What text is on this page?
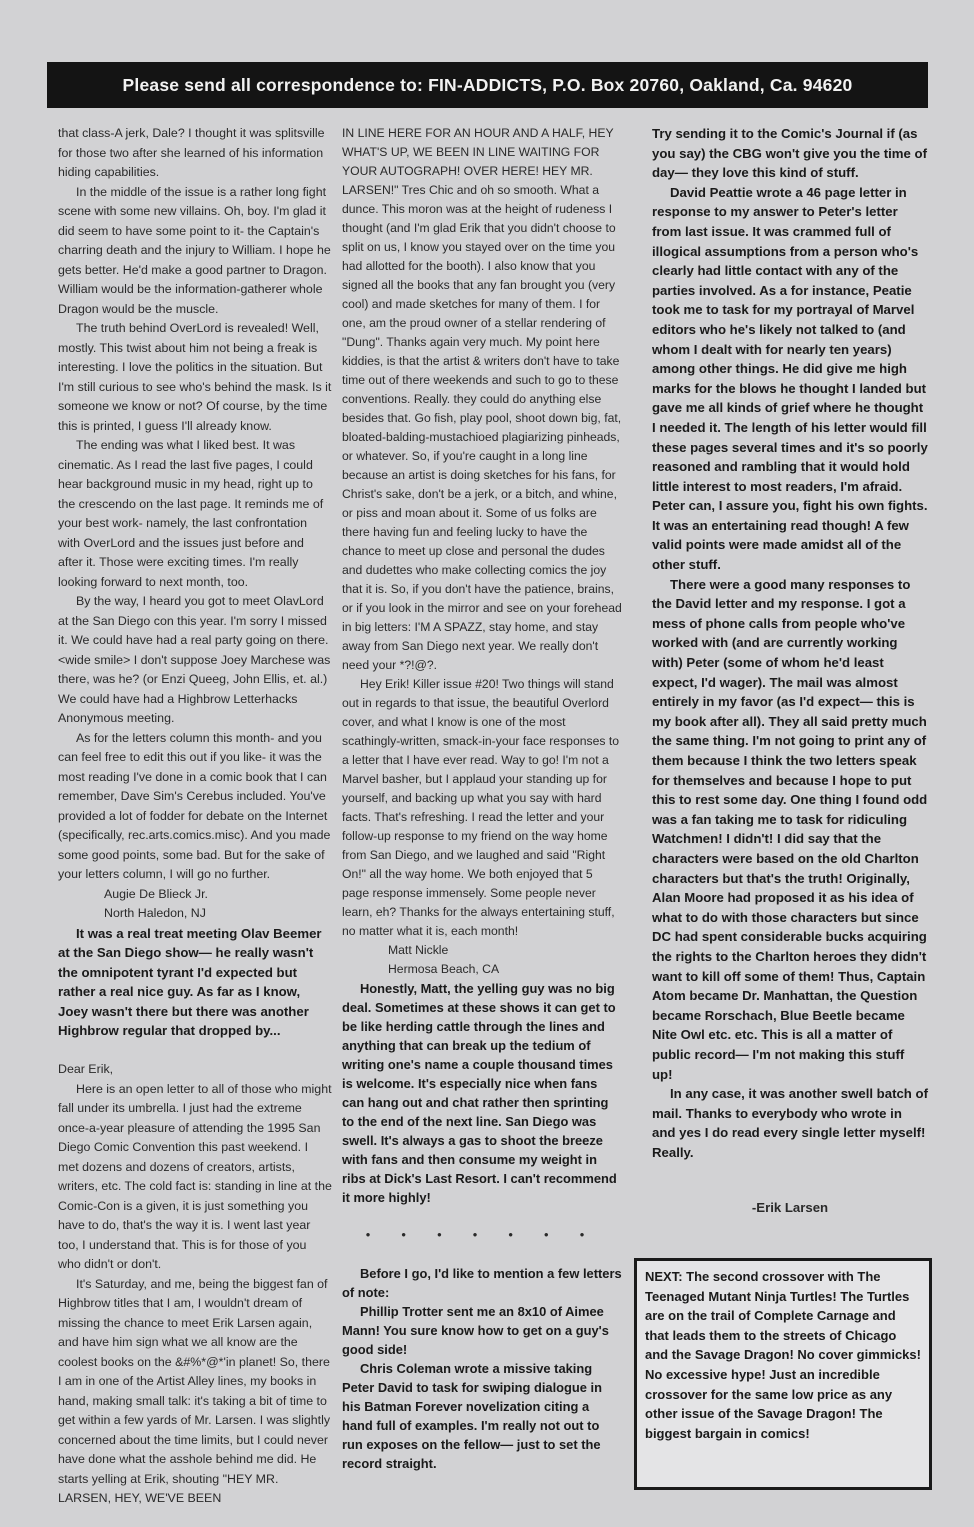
Please send all correspondence to: FIN-ADDICTS, P.O. Box 20760, Oakland, Ca. 94620

that class-A jerk, Dale? I thought it was splitsville for those two after she learned of his information hiding capabilities.

In the middle of the issue is a rather long fight scene with some new villains. Oh, boy. I'm glad it did seem to have some point to it- the Captain's charring death and the injury to William. I hope he gets better. He'd make a good partner to Dragon. William would be the information-gatherer whole Dragon would be the muscle.

The truth behind OverLord is revealed! Well, mostly. This twist about him not being a freak is interesting. I love the politics in the situation. But I'm still curious to see who's behind the mask. Is it someone we know or not? Of course, by the time this is printed, I guess I'll already know.

The ending was what I liked best. It was cinematic. As I read the last five pages, I could hear background music in my head, right up to the crescendo on the last page. It reminds me of your best work- namely, the last confrontation with OverLord and the issues just before and after it. Those were exciting times. I'm really looking forward to next month, too.

By the way, I heard you got to meet OlavLord at the San Diego con this year. I'm sorry I missed it. We could have had a real party going on there. <wide smile> I don't suppose Joey Marchese was there, was he? (or Enzi Queeg, John Ellis, et. al.) We could have had a Highbrow Letterhacks Anonymous meeting.

As for the letters column this month- and you can feel free to edit this out if you like- it was the most reading I've done in a comic book that I can remember, Dave Sim's Cerebus included. You've provided a lot of fodder for debate on the Internet (specifically, rec.arts.comics.misc). And you made some good points, some bad. But for the sake of your letters column, I will go no further.

Augie De Blieck Jr.

North Haledon, NJ

It was a real treat meeting Olav Beemer at the San Diego show— he really wasn't the omnipotent tyrant I'd expected but rather a real nice guy. As far as I know, Joey wasn't there but there was another Highbrow regular that dropped by...

Dear Erik,

Here is an open letter to all of those who might fall under its umbrella. I just had the extreme once-a-year pleasure of attending the 1995 San Diego Comic Convention this past weekend. I met dozens and dozens of creators, artists, writers, etc. The cold fact is: standing in line at the Comic-Con is a given, it is just something you have to do, that's the way it is. I went last year too, I understand that. This is for those of you who didn't or don't.

It's Saturday, and me, being the biggest fan of Highbrow titles that I am, I wouldn't dream of missing the chance to meet Erik Larsen again, and have him sign what we all know are the coolest books on the &#%*@*'in planet! So, there I am in one of the Artist Alley lines, my books in hand, making small talk: it's taking a bit of time to get within a few yards of Mr. Larsen. I was slightly concerned about the time limits, but I could never have done what the asshole behind me did. He starts yelling at Erik, shouting "HEY MR. LARSEN, HEY, WE'VE BEEN

IN LINE HERE FOR AN HOUR AND A HALF, HEY WHAT'S UP, WE BEEN IN LINE WAITING FOR YOUR AUTOGRAPH! OVER HERE! HEY MR. LARSEN!" Tres Chic and oh so smooth. What a dunce. This moron was at the height of rudeness I thought (and I'm glad Erik that you didn't choose to split on us, I know you stayed over on the time you had allotted for the booth). I also know that you signed all the books that any fan brought you (very cool) and made sketches for many of them. I for one, am the proud owner of a stellar rendering of "Dung". Thanks again very much. My point here kiddies, is that the artist & writers don't have to take time out of there weekends and such to go to these conventions. Really. they could do anything else besides that. Go fish, play pool, shoot down big, fat, bloated-balding-mustachioed plagiarizing pinheads, or whatever. So, if you're caught in a long line because an artist is doing sketches for his fans, for Christ's sake, don't be a jerk, or a bitch, and whine, or piss and moan about it. Some of us folks are there having fun and feeling lucky to have the chance to meet up close and personal the dudes and dudettes who make collecting comics the joy that it is. So, if you don't have the patience, brains, or if you look in the mirror and see on your forehead in big letters: I'M A SPAZZ, stay home, and stay away from San Diego next year. We really don't need your *?!@?.

Hey Erik! Killer issue #20! Two things will stand out in regards to that issue, the beautiful Overlord cover, and what I know is one of the most scathingly-written, smack-in-your face responses to a letter that I have ever read. Way to go! I'm not a Marvel basher, but I applaud your standing up for yourself, and backing up what you say with hard facts. That's refreshing. I read the letter and your follow-up response to my friend on the way home from San Diego, and we laughed and said "Right On!" all the way home. We both enjoyed that 5 page response immensely. Some people never learn, eh? Thanks for the always entertaining stuff, no matter what it is, each month!

Matt Nickle

Hermosa Beach, CA

Honestly, Matt, the yelling guy was no big deal. Sometimes at these shows it can get to be like herding cattle through the lines and anything that can break up the tedium of writing one's name a couple thousand times is welcome. It's especially nice when fans can hang out and chat rather then sprinting to the end of the next line. San Diego was swell. It's always a gas to shoot the breeze with fans and then consume my weight in ribs at Dick's Last Resort. I can't recommend it more highly!

• • • • • • •

Before I go, I'd like to mention a few letters of note:

Phillip Trotter sent me an 8x10 of Aimee Mann! You sure know how to get on a guy's good side!

Chris Coleman wrote a missive taking Peter David to task for swiping dialogue in his Batman Forever novelization citing a hand full of examples. I'm really not out to run exposes on the fellow— just to set the record straight.

Try sending it to the Comic's Journal if (as you say) the CBG won't give you the time of day— they love this kind of stuff.

David Peattie wrote a 46 page letter in response to my answer to Peter's letter from last issue. It was crammed full of illogical assumptions from a person who's clearly had little contact with any of the parties involved. As a for instance, Peatie took me to task for my portrayal of Marvel editors who he's likely not talked to (and whom I dealt with for nearly ten years) among other things. He did give me high marks for the blows he thought I landed but gave me all kinds of grief where he thought I needed it. The length of his letter would fill these pages several times and it's so poorly reasoned and rambling that it would hold little interest to most readers, I'm afraid. Peter can, I assure you, fight his own fights. It was an entertaining read though! A few valid points were made amidst all of the other stuff.

There were a good many responses to the David letter and my response. I got a mess of phone calls from people who've worked with (and are currently working with) Peter (some of whom he'd least expect, I'd wager). The mail was almost entirely in my favor (as I'd expect— this is my book after all). They all said pretty much the same thing. I'm not going to print any of them because I think the two letters speak for themselves and because I hope to put this to rest some day. One thing I found odd was a fan taking me to task for ridiculing Watchmen! I didn't! I did say that the characters were based on the old Charlton characters but that's the truth! Originally, Alan Moore had proposed it as his idea of what to do with those characters but since DC had spent considerable bucks acquiring the rights to the Charlton heroes they didn't want to kill off some of them! Thus, Captain Atom became Dr. Manhattan, the Question became Rorschach, Blue Beetle became Nite Owl etc. etc. This is all a matter of public record— I'm not making this stuff up!

In any case, it was another swell batch of mail. Thanks to everybody who wrote in and yes I do read every single letter myself! Really.

-Erik Larsen

NEXT: The second crossover with The Teenaged Mutant Ninja Turtles! The Turtles are on the trail of Complete Carnage and that leads them to the streets of Chicago and the Savage Dragon! No cover gimmicks! No excessive hype! Just an incredible crossover for the same low price as any other issue of the Savage Dragon! The biggest bargain in comics!
